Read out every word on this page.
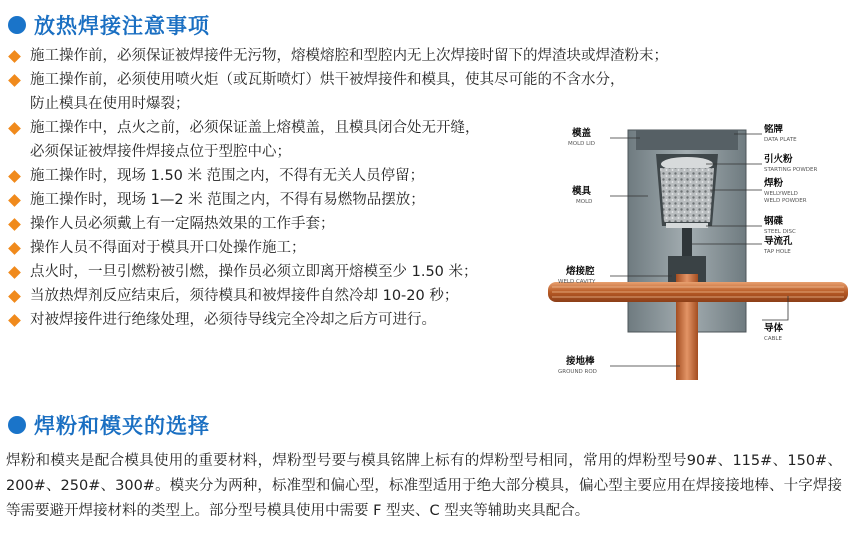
放热焊接注意事项
施工操作前，必须保证被焊接件无污物，熔模熔腔和型腔内无上次焊接时留下的焊渣块或焊渣粉末；
施工操作前，必须使用喷火炬（或瓦斯喷灯）烘干被焊接件和模具，使其尽可能的不含水分，
防止模具在使用时爆裂；
施工操作中，点火之前，必须保证盖上熔模盖，且模具闭合处无开缝，
必须保证被焊接件焊接点位于型腔中心；
施工操作时，现场 1.50 米 范围之内，不得有无关人员停留；
施工操作时，现场 1—2 米 范围之内，不得有易燃物品摆放；
操作人员必须戴上有一定隔热效果的工作手套；
操作人员不得面对于模具开口处操作施工；
点火时，一旦引燃粉被引燃，操作员必须立即离开熔模至少 1.50 米；
当放热焊剂反应结束后，须待模具和被焊接件自然冷却 10-20 秒；
对被焊接件进行绝缘处理，必须待导线完全冷却之后方可进行。
模盖
MOLD LID
模具
MOLD
熔接腔
WELD CAVITY
接地棒
GROUND ROD
铭牌
DATA PLATE
引火粉
STARTING POWDER
焊粉
WELLYWELD
WELD POWDER
钢碟
STEEL DISC
导流孔
TAP HOLE
导体
CABLE
焊粉和模夹的选择
焊粉和模夹是配合模具使用的重要材料，焊粉型号要与模具铭牌上标有的焊粉型号相同，常用的焊粉型号90#、115#、150#、200#、250#、300#。模夹分为两种，标准型和偏心型，标准型适用于绝大部分模具，偏心型主要应用在焊接接地棒、十字焊接等需要避开焊接材料的类型上。部分型号模具使用中需要 F 型夹、C 型夹等辅助夹具配合。
